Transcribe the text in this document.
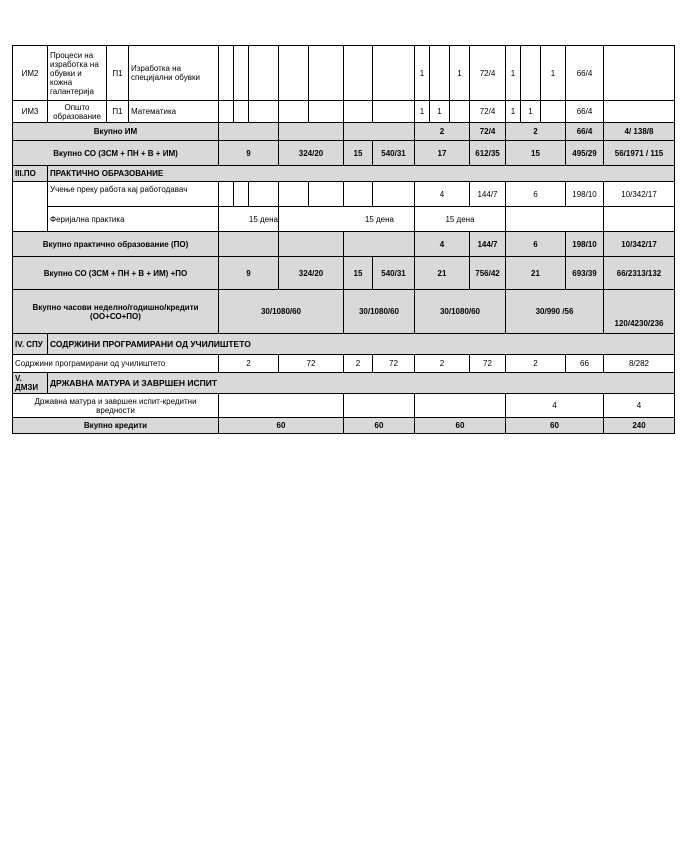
ИМ2	Процеси на изработка на обувки и кожна галантерија	П1	Изработка на специјални обувки								1		1	72/4	1		1	66/4	
ИМ3	Општо образование	П1	Математика								1	1		72/4	1	1		66/4	
Вкупно ИМ											2			72/4	2			66/4	4/ 138/8
Вкупно СО (ЗСМ + ПН + В + ИМ)				9			324/20		15	540/31	17			612/35	15			495/29	56/1971 / 115
III.ПО	ПРАКТИЧНО ОБРАЗОВАНИЕ																		
	Учење преку работа кај работодавач										4			144/7	6			198/10	10/342/17
	Феријална практика			15 дена			15 дена				15 дена								
Вкупно практично образование (ПО)											4			144/7	6			198/10	10/342/17
Вкупно СО (ЗСМ + ПН + В + ИМ) +ПО				9			324/20		15	540/31	21			756/42	21			693/39	66/2313/132
Вкупно часови неделно/годишно/кредити (ОО+СО+ПО)				30/1080/60					30/1080/60		30/1080/60				30/990 /56				120/4230/236
IV. СПУ	СОДРЖИНИ ПРОГРАМИРАНИ ОД УЧИЛИШТЕТО																		
Содржини програмирани од училиштето				2			72		2	72	2			72	2			66	8/282
V. ДМЗИ	ДРЖАВНА МАТУРА И ЗАВРШЕН ИСПИТ																		
Државна матура и завршен испит-кредитни вредности															4				4
Вкупно кредити				60					60		60				60				240
